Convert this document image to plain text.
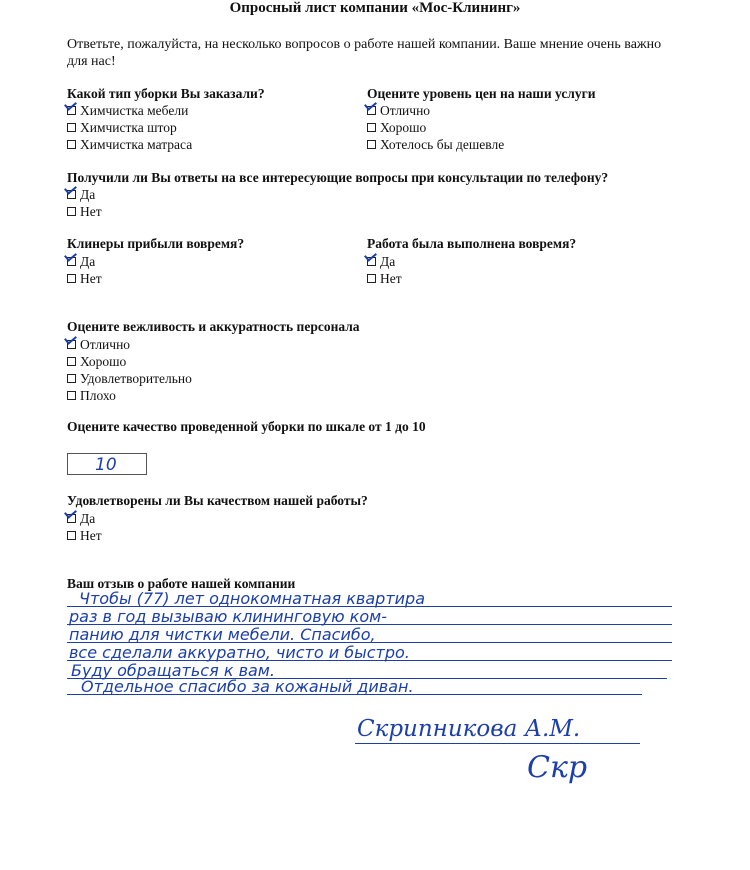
Опросный лист компании «Мос-Клининг»
Ответьте, пожалуйста, на несколько вопросов о работе нашей компании. Ваше мнение очень важно для нас!
Какой тип уборки Вы заказали?
Химчистка мебели
Химчистка штор
Химчистка матраса
Оцените уровень цен на наши услуги
Отлично
Хорошо
Хотелось бы дешевле
Получили ли Вы ответы на все интересующие вопросы при консультации по телефону?
Да
Нет
Клинеры прибыли вовремя?
Да
Нет
Работа была выполнена вовремя?
Да
Нет
Оцените вежливость и аккуратность персонала
Отлично
Хорошо
Удовлетворительно
Плохо
Оцените качество проведенной уборки по шкале от 1 до 10
10
Удовлетворены ли Вы качеством нашей работы?
Да
Нет
Ваш отзыв о работе нашей компании
Чтобы (77) лет однокомнатная квартира
раз в год вызываю клининговую ком-
панию для чистки мебели. Спасибо,
все сделали аккуратно, чисто и быстро.
Буду обращаться к вам.
Отдельное спасибо за кожаный диван.
Скрипникова А.М.
Скр
